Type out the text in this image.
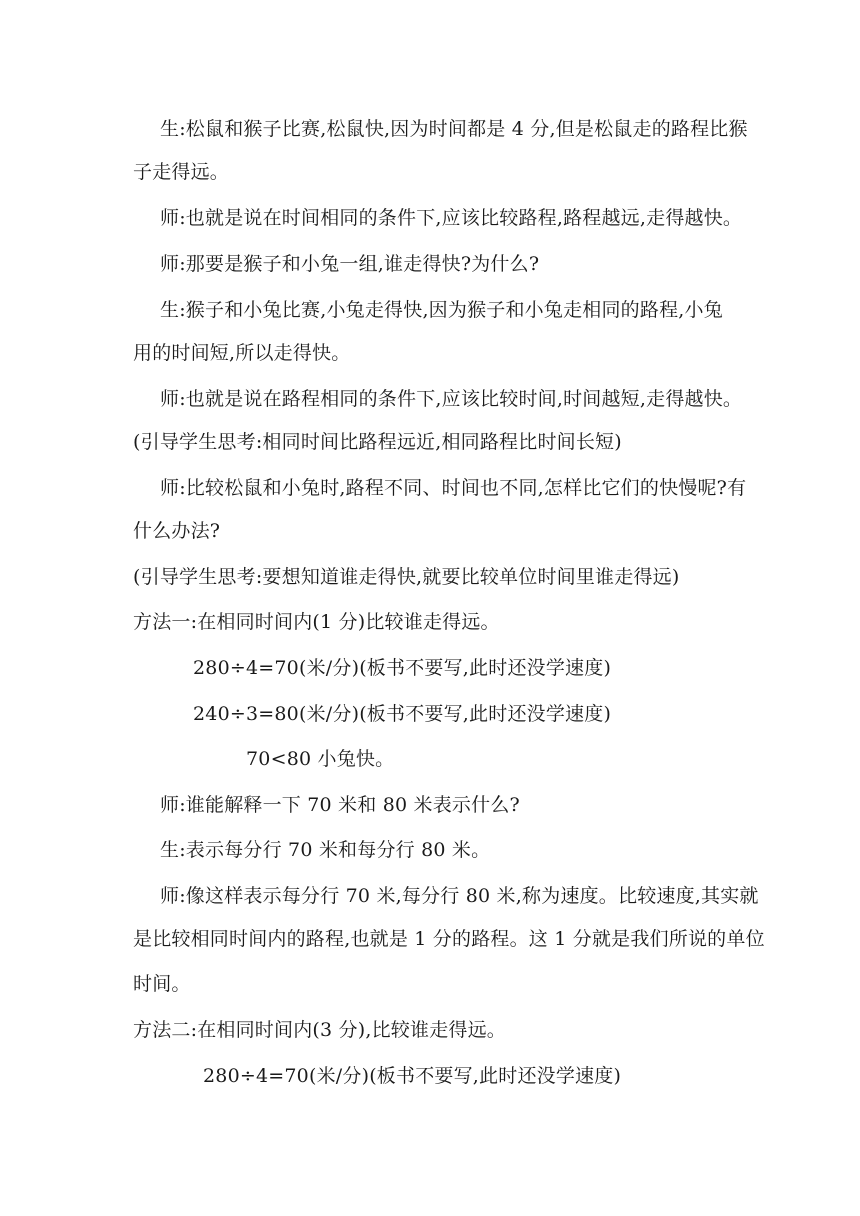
生:松鼠和猴子比赛,松鼠快,因为时间都是 4 分,但是松鼠走的路程比猴
子走得远。
师:也就是说在时间相同的条件下,应该比较路程,路程越远,走得越快。
师:那要是猴子和小兔一组,谁走得快?为什么?
生:猴子和小兔比赛,小兔走得快,因为猴子和小兔走相同的路程,小兔
用的时间短,所以走得快。
师:也就是说在路程相同的条件下,应该比较时间,时间越短,走得越快。
(引导学生思考:相同时间比路程远近,相同路程比时间长短)
师:比较松鼠和小兔时,路程不同、时间也不同,怎样比它们的快慢呢?有
什么办法?
(引导学生思考:要想知道谁走得快,就要比较单位时间里谁走得远)
方法一:在相同时间内(1 分)比较谁走得远。
280÷4=70(米/分)(板书不要写,此时还没学速度)
240÷3=80(米/分)(板书不要写,此时还没学速度)
70<80 小兔快。
师:谁能解释一下 70 米和 80 米表示什么?
生:表示每分行 70 米和每分行 80 米。
师:像这样表示每分行 70 米,每分行 80 米,称为速度。比较速度,其实就
是比较相同时间内的路程,也就是 1 分的路程。这 1 分就是我们所说的单位
时间。
方法二:在相同时间内(3 分),比较谁走得远。
280÷4=70(米/分)(板书不要写,此时还没学速度)
